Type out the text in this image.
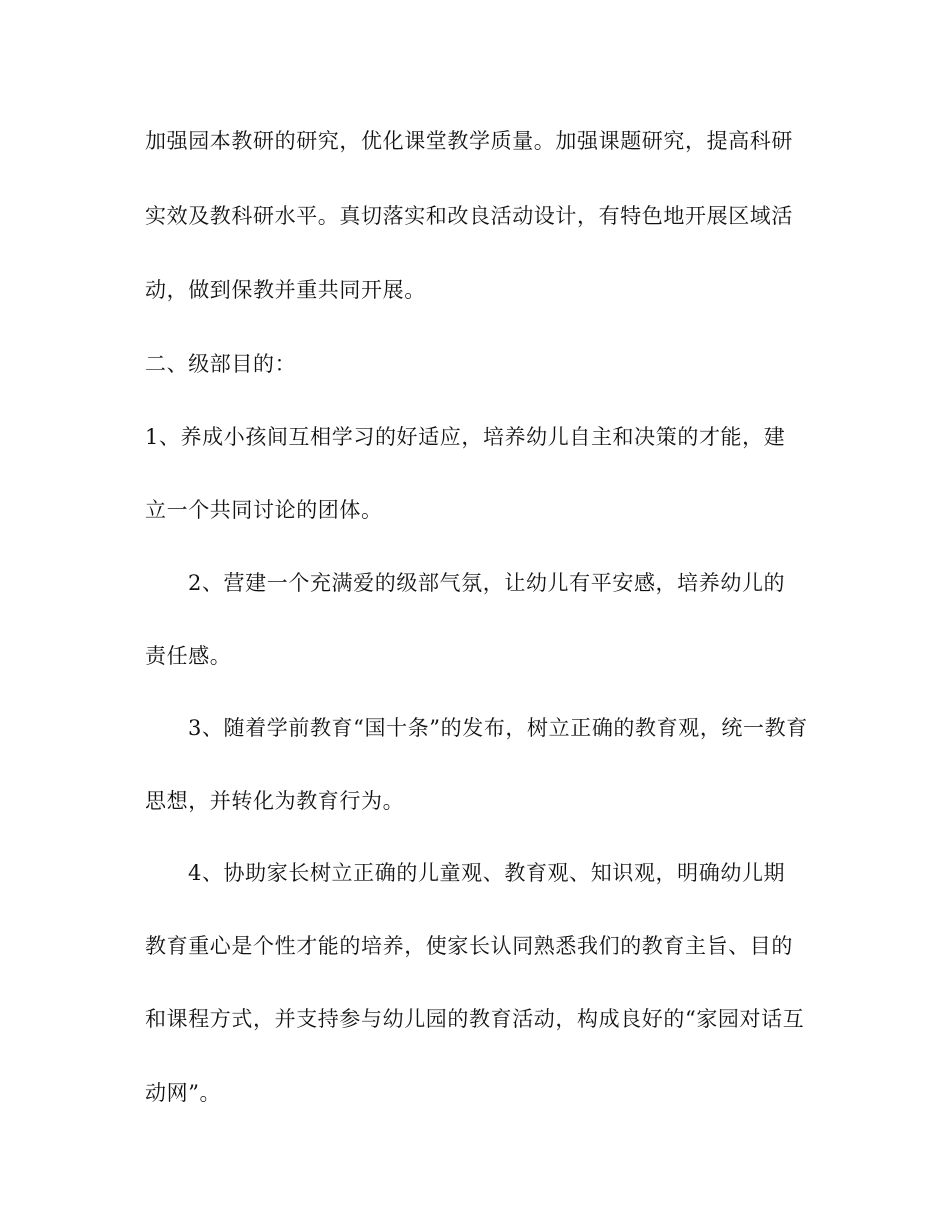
加强园本教研的研究，优化课堂教学质量。加强课题研究，提高科研
实效及教科研水平。真切落实和改良活动设计，有特色地开展区域活
动，做到保教并重共同开展。
二、级部目的：
1、养成小孩间互相学习的好适应，培养幼儿自主和决策的才能，建
立一个共同讨论的团体。
2、营建一个充满爱的级部气氛，让幼儿有平安感，培养幼儿的
责任感。
3、随着学前教育“国十条”的发布，树立正确的教育观，统一教育
思想，并转化为教育行为。
4、协助家长树立正确的儿童观、教育观、知识观，明确幼儿期
教育重心是个性才能的培养，使家长认同熟悉我们的教育主旨、目的
和课程方式，并支持参与幼儿园的教育活动，构成良好的“家园对话互
动网”。
